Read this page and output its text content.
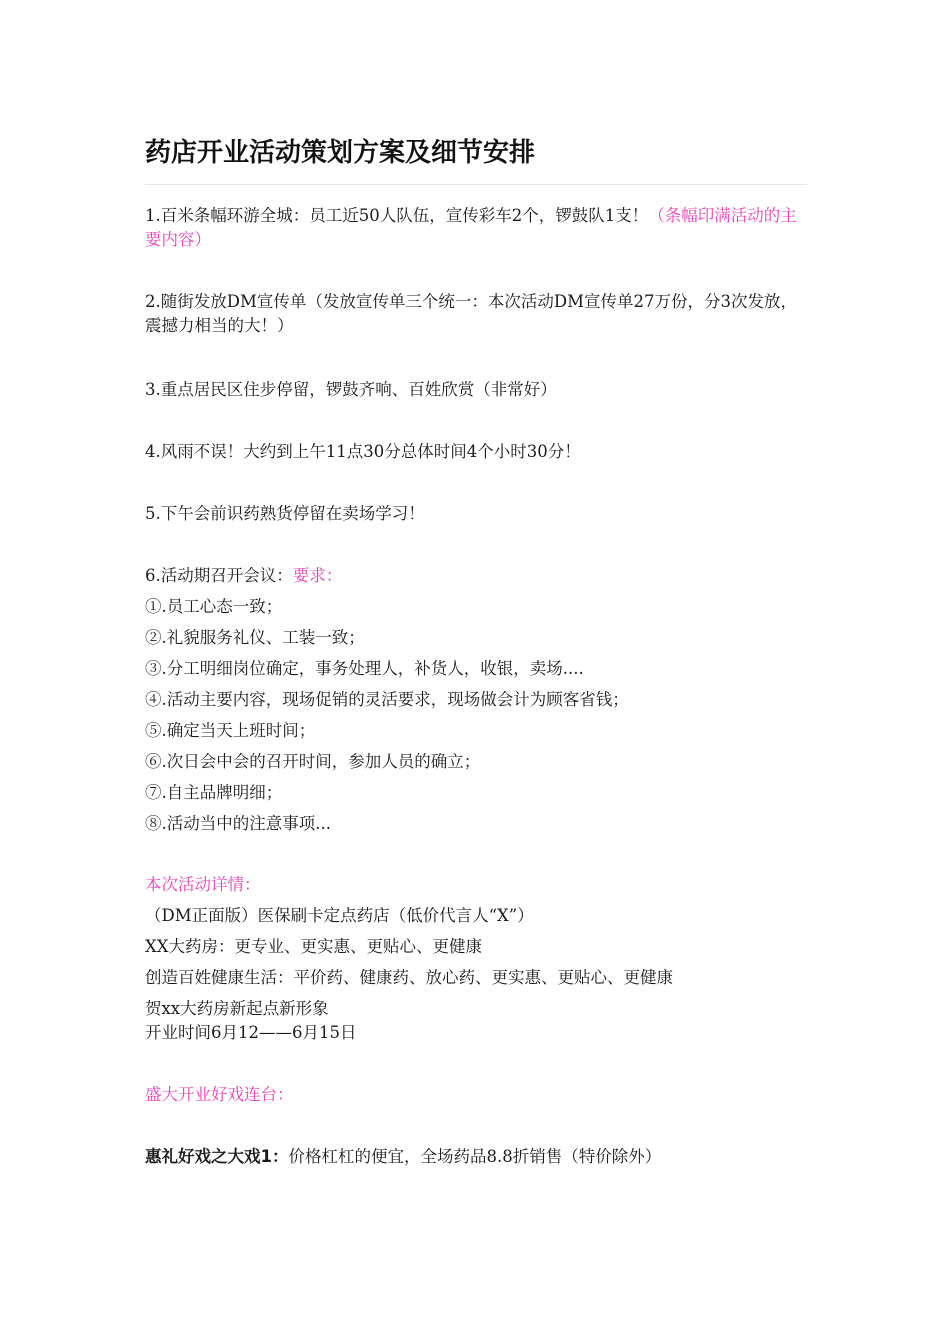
药店开业活动策划方案及细节安排
1.百米条幅环游全城：员工近50人队伍，宣传彩车2个，锣鼓队1支！（条幅印满活动的主要内容）
2.随街发放DM宣传单（发放宣传单三个统一：本次活动DM宣传单27万份，分3次发放，震撼力相当的大！）
3.重点居民区住步停留，锣鼓齐响、百姓欣赏（非常好）
4.风雨不误！大约到上午11点30分总体时间4个小时30分！
5.下午会前识药熟货停留在卖场学习！
6.活动期召开会议：要求：
①.员工心态一致；
②.礼貌服务礼仪、工装一致；
③.分工明细岗位确定，事务处理人，补货人，收银，卖场....
④.活动主要内容，现场促销的灵活要求，现场做会计为顾客省钱；
⑤.确定当天上班时间；
⑥.次日会中会的召开时间，参加人员的确立；
⑦.自主品牌明细；
⑧.活动当中的注意事项...
本次活动详情：
（DM正面版）医保刷卡定点药店（低价代言人“X”）
XX大药房：更专业、更实惠、更贴心、更健康
创造百姓健康生活：平价药、健康药、放心药、更实惠、更贴心、更健康
贺xx大药房新起点新形象
开业时间6月12——6月15日
盛大开业好戏连台：
惠礼好戏之大戏1：价格杠杠的便宜，全场药品8.8折销售（特价除外）
